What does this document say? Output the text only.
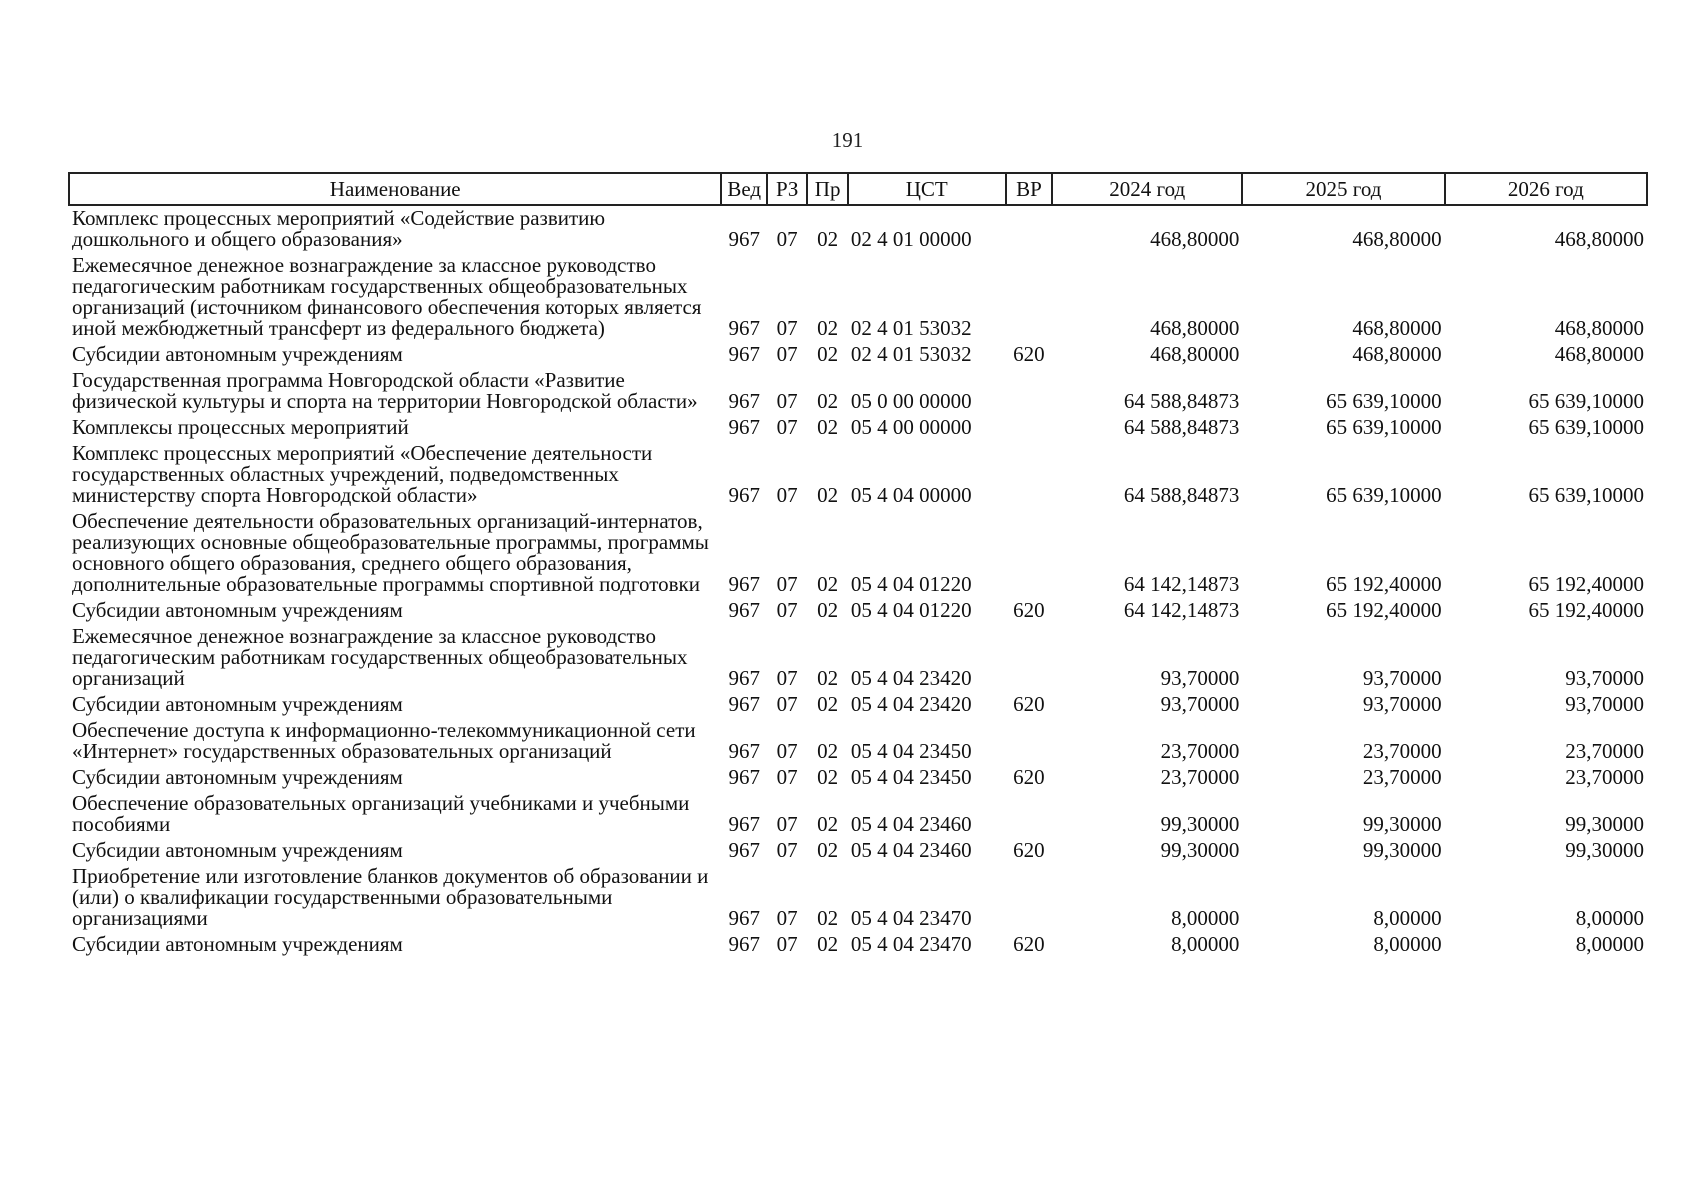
191
Наименование	Вед	РЗ	Пр	ЦСТ	ВР	2024 год	2025 год	2026 год
Комплекс процессных мероприятий «Содействие развитию дошкольного и общего образования»	967	07	02	02 4 01 00000		468,80000	468,80000	468,80000
Ежемесячное денежное вознаграждение за классное руководство педагогическим работникам государственных общеобразовательных организаций (источником финансового обеспечения которых является иной межбюджетный трансферт из федерального бюджета)	967	07	02	02 4 01 53032		468,80000	468,80000	468,80000
Субсидии автономным учреждениям	967	07	02	02 4 01 53032	620	468,80000	468,80000	468,80000
Государственная программа Новгородской области «Развитие физической культуры и спорта на территории Новгородской области»	967	07	02	05 0 00 00000		64 588,84873	65 639,10000	65 639,10000
Комплексы процессных мероприятий	967	07	02	05 4 00 00000		64 588,84873	65 639,10000	65 639,10000
Комплекс процессных мероприятий «Обеспечение деятельности государственных областных учреждений, подведомственных министерству спорта Новгородской области»	967	07	02	05 4 04 00000		64 588,84873	65 639,10000	65 639,10000
Обеспечение деятельности образовательных организаций-интернатов, реализующих основные общеобразовательные программы, программы основного общего образования, среднего общего образования, дополнительные образовательные программы спортивной подготовки	967	07	02	05 4 04 01220		64 142,14873	65 192,40000	65 192,40000
Субсидии автономным учреждениям	967	07	02	05 4 04 01220	620	64 142,14873	65 192,40000	65 192,40000
Ежемесячное денежное вознаграждение за классное руководство педагогическим работникам государственных общеобразовательных организаций	967	07	02	05 4 04 23420		93,70000	93,70000	93,70000
Субсидии автономным учреждениям	967	07	02	05 4 04 23420	620	93,70000	93,70000	93,70000
Обеспечение доступа к информационно-телекоммуникационной сети «Интернет» государственных образовательных организаций	967	07	02	05 4 04 23450		23,70000	23,70000	23,70000
Субсидии автономным учреждениям	967	07	02	05 4 04 23450	620	23,70000	23,70000	23,70000
Обеспечение образовательных организаций учебниками и учебными пособиями	967	07	02	05 4 04 23460		99,30000	99,30000	99,30000
Субсидии автономным учреждениям	967	07	02	05 4 04 23460	620	99,30000	99,30000	99,30000
Приобретение или изготовление бланков документов об образовании и (или) о квалификации государственными образовательными организациями	967	07	02	05 4 04 23470		8,00000	8,00000	8,00000
Субсидии автономным учреждениям	967	07	02	05 4 04 23470	620	8,00000	8,00000	8,00000
